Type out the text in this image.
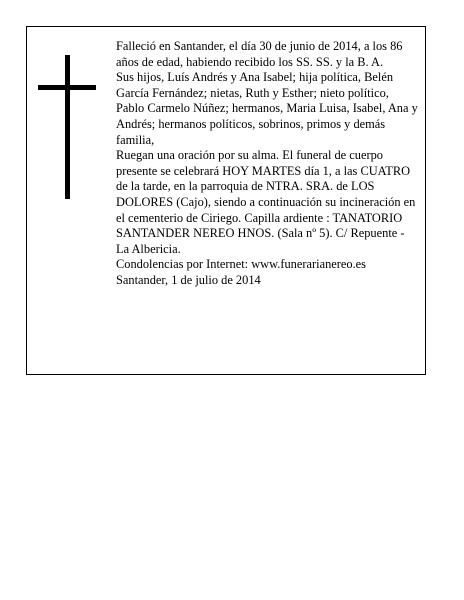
Falleció en Santander, el día 30 de junio de 2014, a los 86 años de edad, habiendo recibido los SS. SS. y la B. A.

Sus hijos, Luís Andrés y Ana Isabel; hija política, Belén García Fernández; nietas, Ruth y Esther; nieto político, Pablo Carmelo Núñez; hermanos, Maria Luisa, Isabel, Ana y Andrés; hermanos políticos, sobrinos, primos y demás familia,

Ruegan una oración por su alma. El funeral de cuerpo presente se celebrará HOY MARTES día 1, a las CUATRO de la tarde, en la parroquia de NTRA. SRA. de LOS DOLORES (Cajo), siendo a continuación su incineración en el cementerio de Ciriego. Capilla ardiente : TANATORIO SANTANDER NEREO HNOS. (Sala nº 5). C/ Repuente - La Albericia.

Condolencias por Internet: www.funerarianereo.es

Santander, 1 de julio de 2014
